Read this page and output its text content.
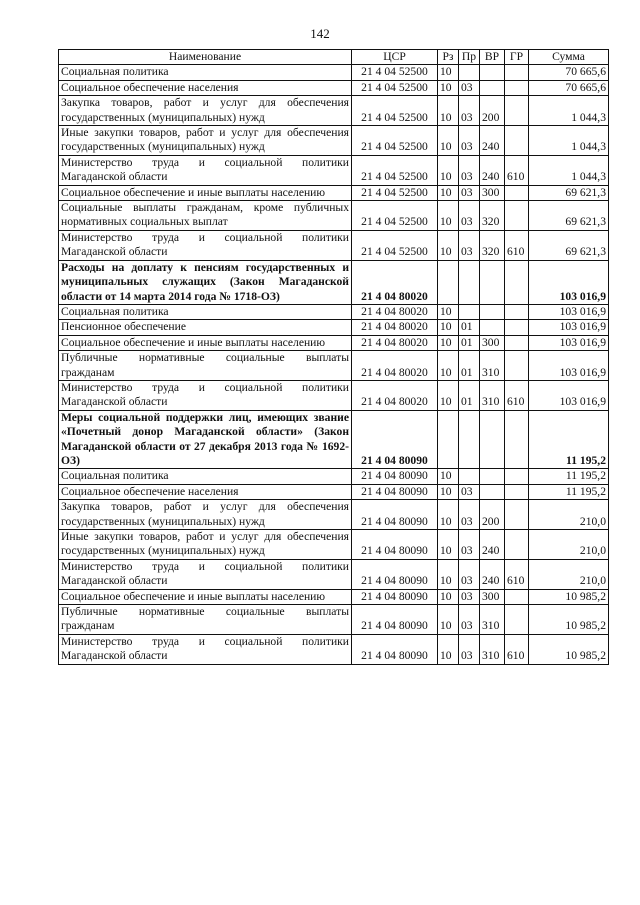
142
Наименование	ЦСР	Рз	Пр	ВР	ГР	Сумма
Социальная политика	21 4 04 52500	10				70 665,6
Социальное обеспечение населения	21 4 04 52500	10	03			70 665,6
Закупка товаров, работ и услуг для обеспечения государственных (муниципальных) нужд	21 4 04 52500	10	03	200		1 044,3
Иные закупки товаров, работ и услуг для обеспечения государственных (муниципальных) нужд	21 4 04 52500	10	03	240		1 044,3
Министерство труда и социальной политики Магаданской области	21 4 04 52500	10	03	240	610	1 044,3
Социальное обеспечение и иные выплаты населению	21 4 04 52500	10	03	300		69 621,3
Социальные выплаты гражданам, кроме публичных нормативных социальных выплат	21 4 04 52500	10	03	320		69 621,3
Министерство труда и социальной политики Магаданской области	21 4 04 52500	10	03	320	610	69 621,3
Расходы на доплату к пенсиям государственных и муниципальных служащих (Закон Магаданской области от 14 марта 2014 года № 1718-ОЗ)	21 4 04 80020					103 016,9
Социальная политика	21 4 04 80020	10				103 016,9
Пенсионное обеспечение	21 4 04 80020	10	01			103 016,9
Социальное обеспечение и иные выплаты населению	21 4 04 80020	10	01	300		103 016,9
Публичные нормативные социальные выплаты гражданам	21 4 04 80020	10	01	310		103 016,9
Министерство труда и социальной политики Магаданской области	21 4 04 80020	10	01	310	610	103 016,9
Меры социальной поддержки лиц, имеющих звание «Почетный донор Магаданской области» (Закон Магаданской области от 27 декабря 2013 года № 1692-ОЗ)	21 4 04 80090					11 195,2
Социальная политика	21 4 04 80090	10				11 195,2
Социальное обеспечение населения	21 4 04 80090	10	03			11 195,2
Закупка товаров, работ и услуг для обеспечения государственных (муниципальных) нужд	21 4 04 80090	10	03	200		210,0
Иные закупки товаров, работ и услуг для обеспечения государственных (муниципальных) нужд	21 4 04 80090	10	03	240		210,0
Министерство труда и социальной политики Магаданской области	21 4 04 80090	10	03	240	610	210,0
Социальное обеспечение и иные выплаты населению	21 4 04 80090	10	03	300		10 985,2
Публичные нормативные социальные выплаты гражданам	21 4 04 80090	10	03	310		10 985,2
Министерство труда и социальной политики Магаданской области	21 4 04 80090	10	03	310	610	10 985,2
